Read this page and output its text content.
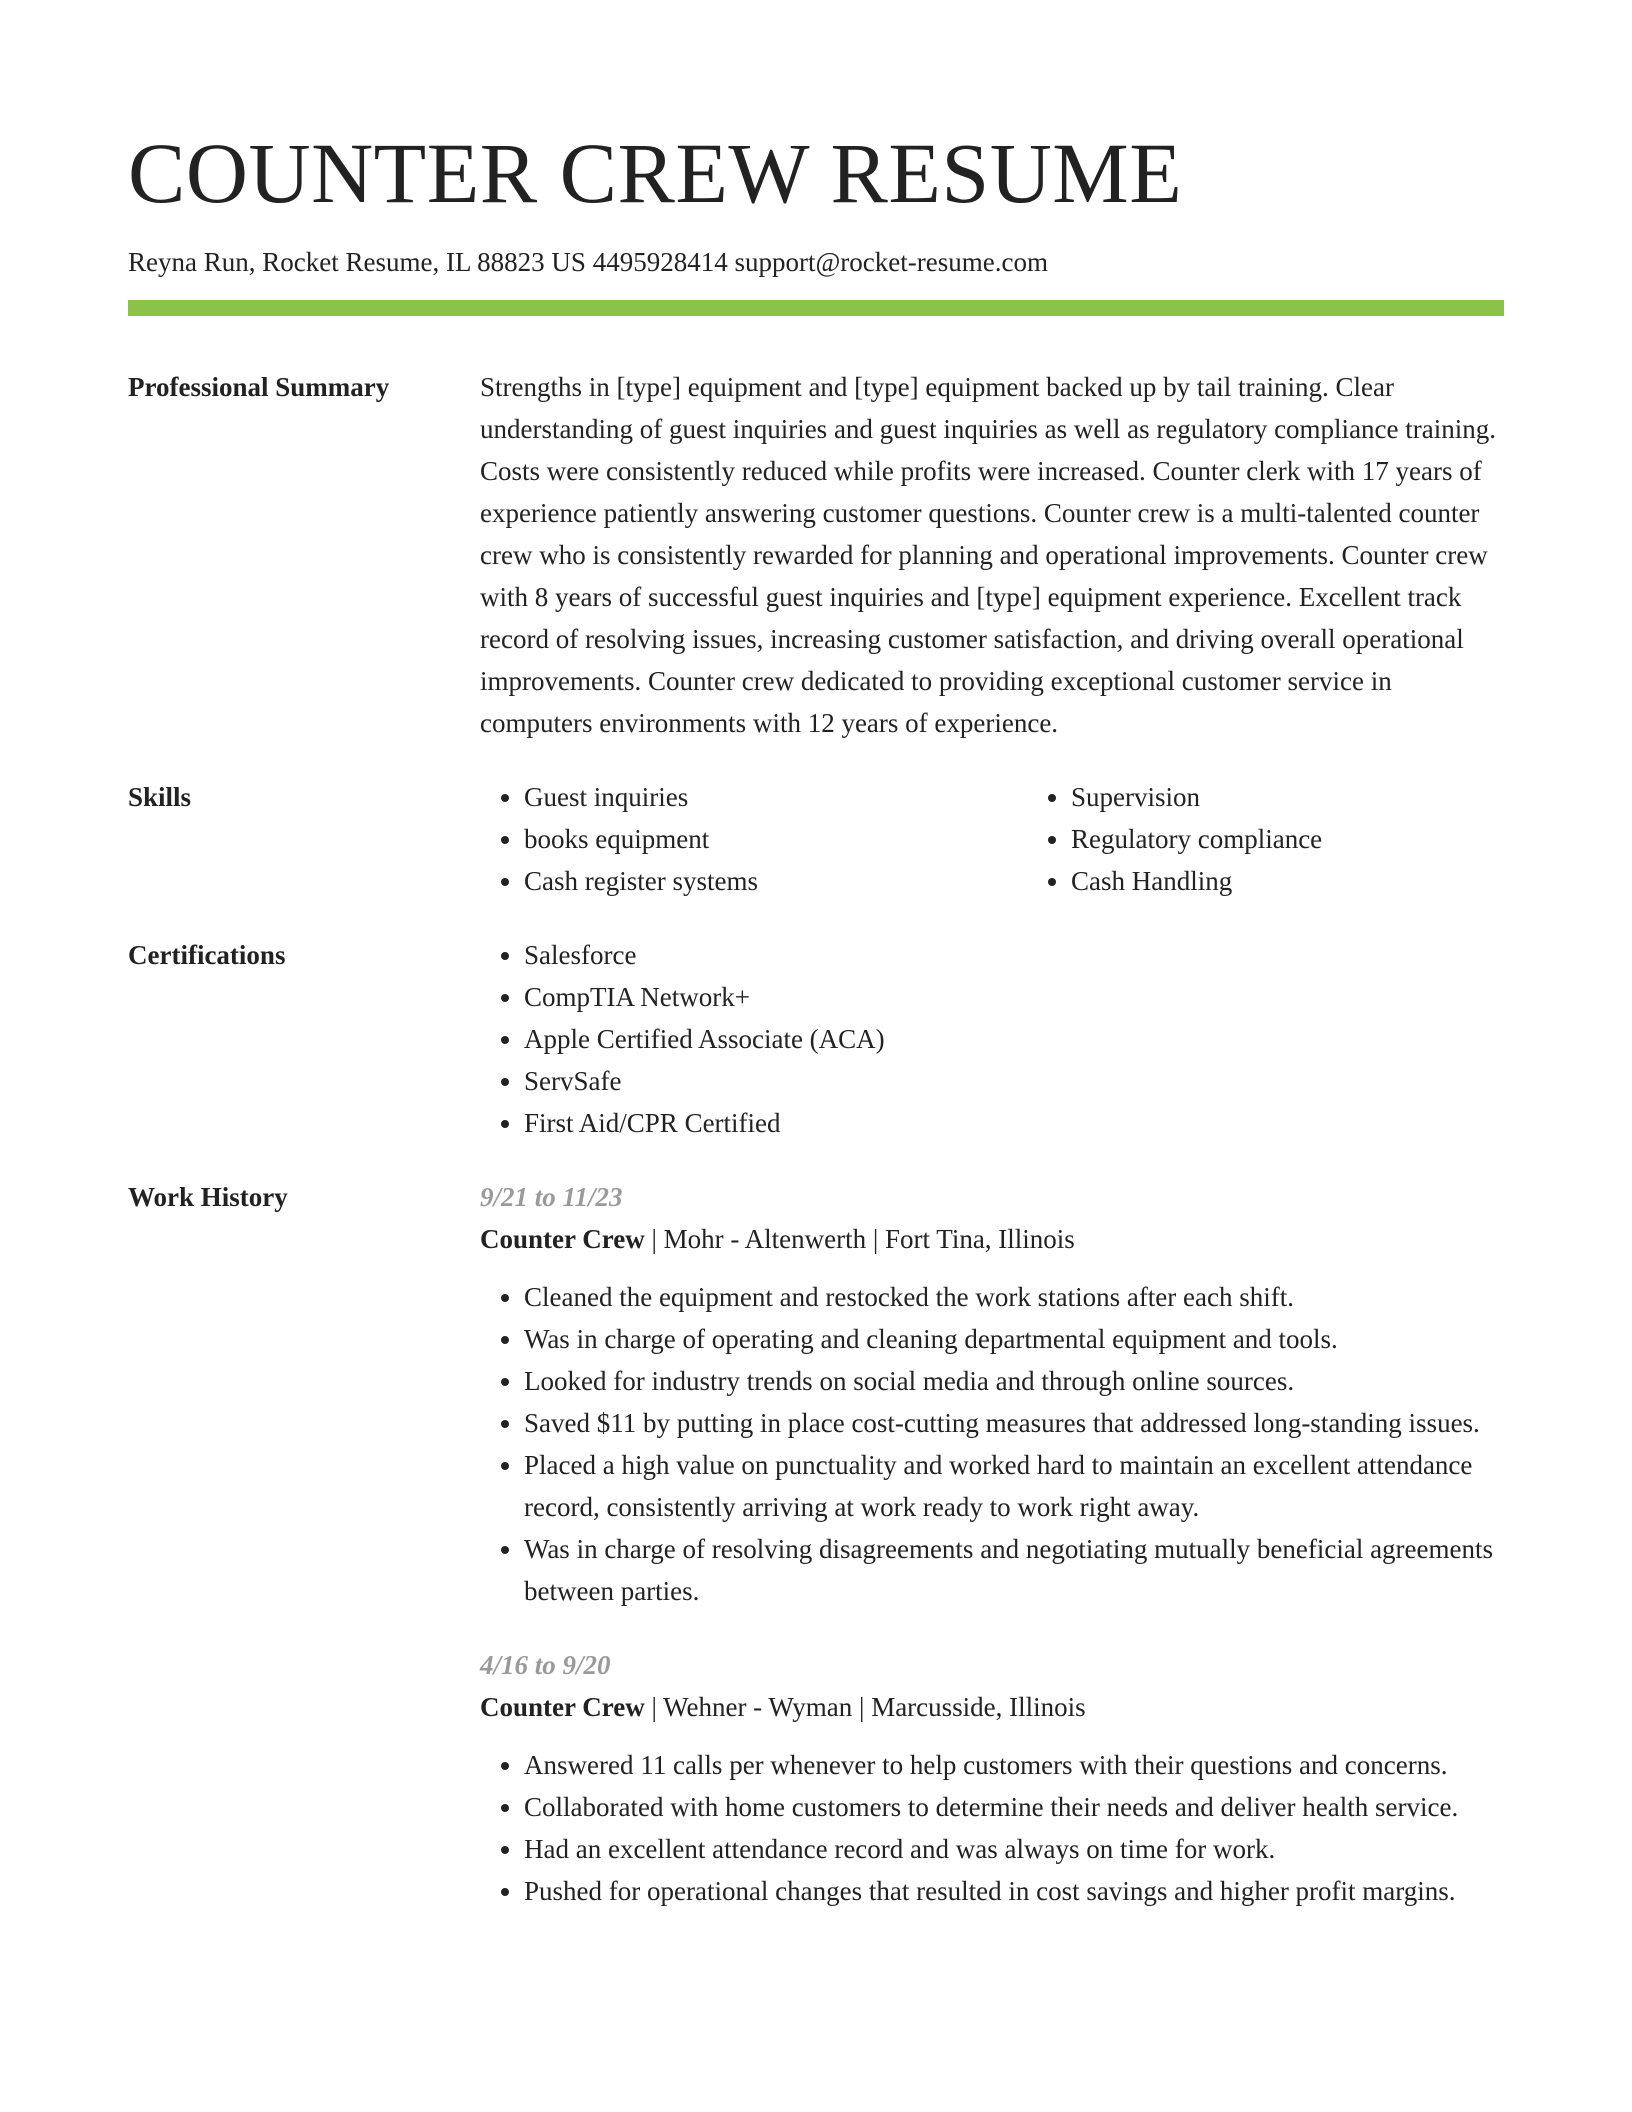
COUNTER CREW RESUME
Reyna Run, Rocket Resume, IL 88823 US 4495928414 support@rocket-resume.com
Professional Summary	Strengths in [type] equipment and [type] equipment backed up by tail training. Clear understanding of guest inquiries and guest inquiries as well as regulatory compliance training. Costs were consistently reduced while profits were increased. Counter clerk with 17 years of experience patiently answering customer questions. Counter crew is a multi-talented counter crew who is consistently rewarded for planning and operational improvements. Counter crew with 8 years of successful guest inquiries and [type] equipment experience. Excellent track record of resolving issues, increasing customer satisfaction, and driving overall operational improvements. Counter crew dedicated to providing exceptional customer service in computers environments with 12 years of experience.

Skills	• Guest inquiries
• books equipment
• Cash register systems
• Supervision
• Regulatory compliance
• Cash Handling
Certifications	• Salesforce
• CompTIA Network+
• Apple Certified Associate (ACA)
• ServSafe
• First Aid/CPR Certified
Work History	9/21 to 11/23

Counter Crew | Mohr - Altenwerth | Fort Tina, Illinois

• Cleaned the equipment and restocked the work stations after each shift.
• Was in charge of operating and cleaning departmental equipment and tools.
• Looked for industry trends on social media and through online sources.
• Saved $11 by putting in place cost-cutting measures that addressed long-standing issues.
• Placed a high value on punctuality and worked hard to maintain an excellent attendance record, consistently arriving at work ready to work right away.
• Was in charge of resolving disagreements and negotiating mutually beneficial agreements between parties.
4/16 to 9/20

Counter Crew | Wehner - Wyman | Marcusside, Illinois

• Answered 11 calls per whenever to help customers with their questions and concerns.
• Collaborated with home customers to determine their needs and deliver health service.
• Had an excellent attendance record and was always on time for work.
• Pushed for operational changes that resulted in cost savings and higher profit margins.
